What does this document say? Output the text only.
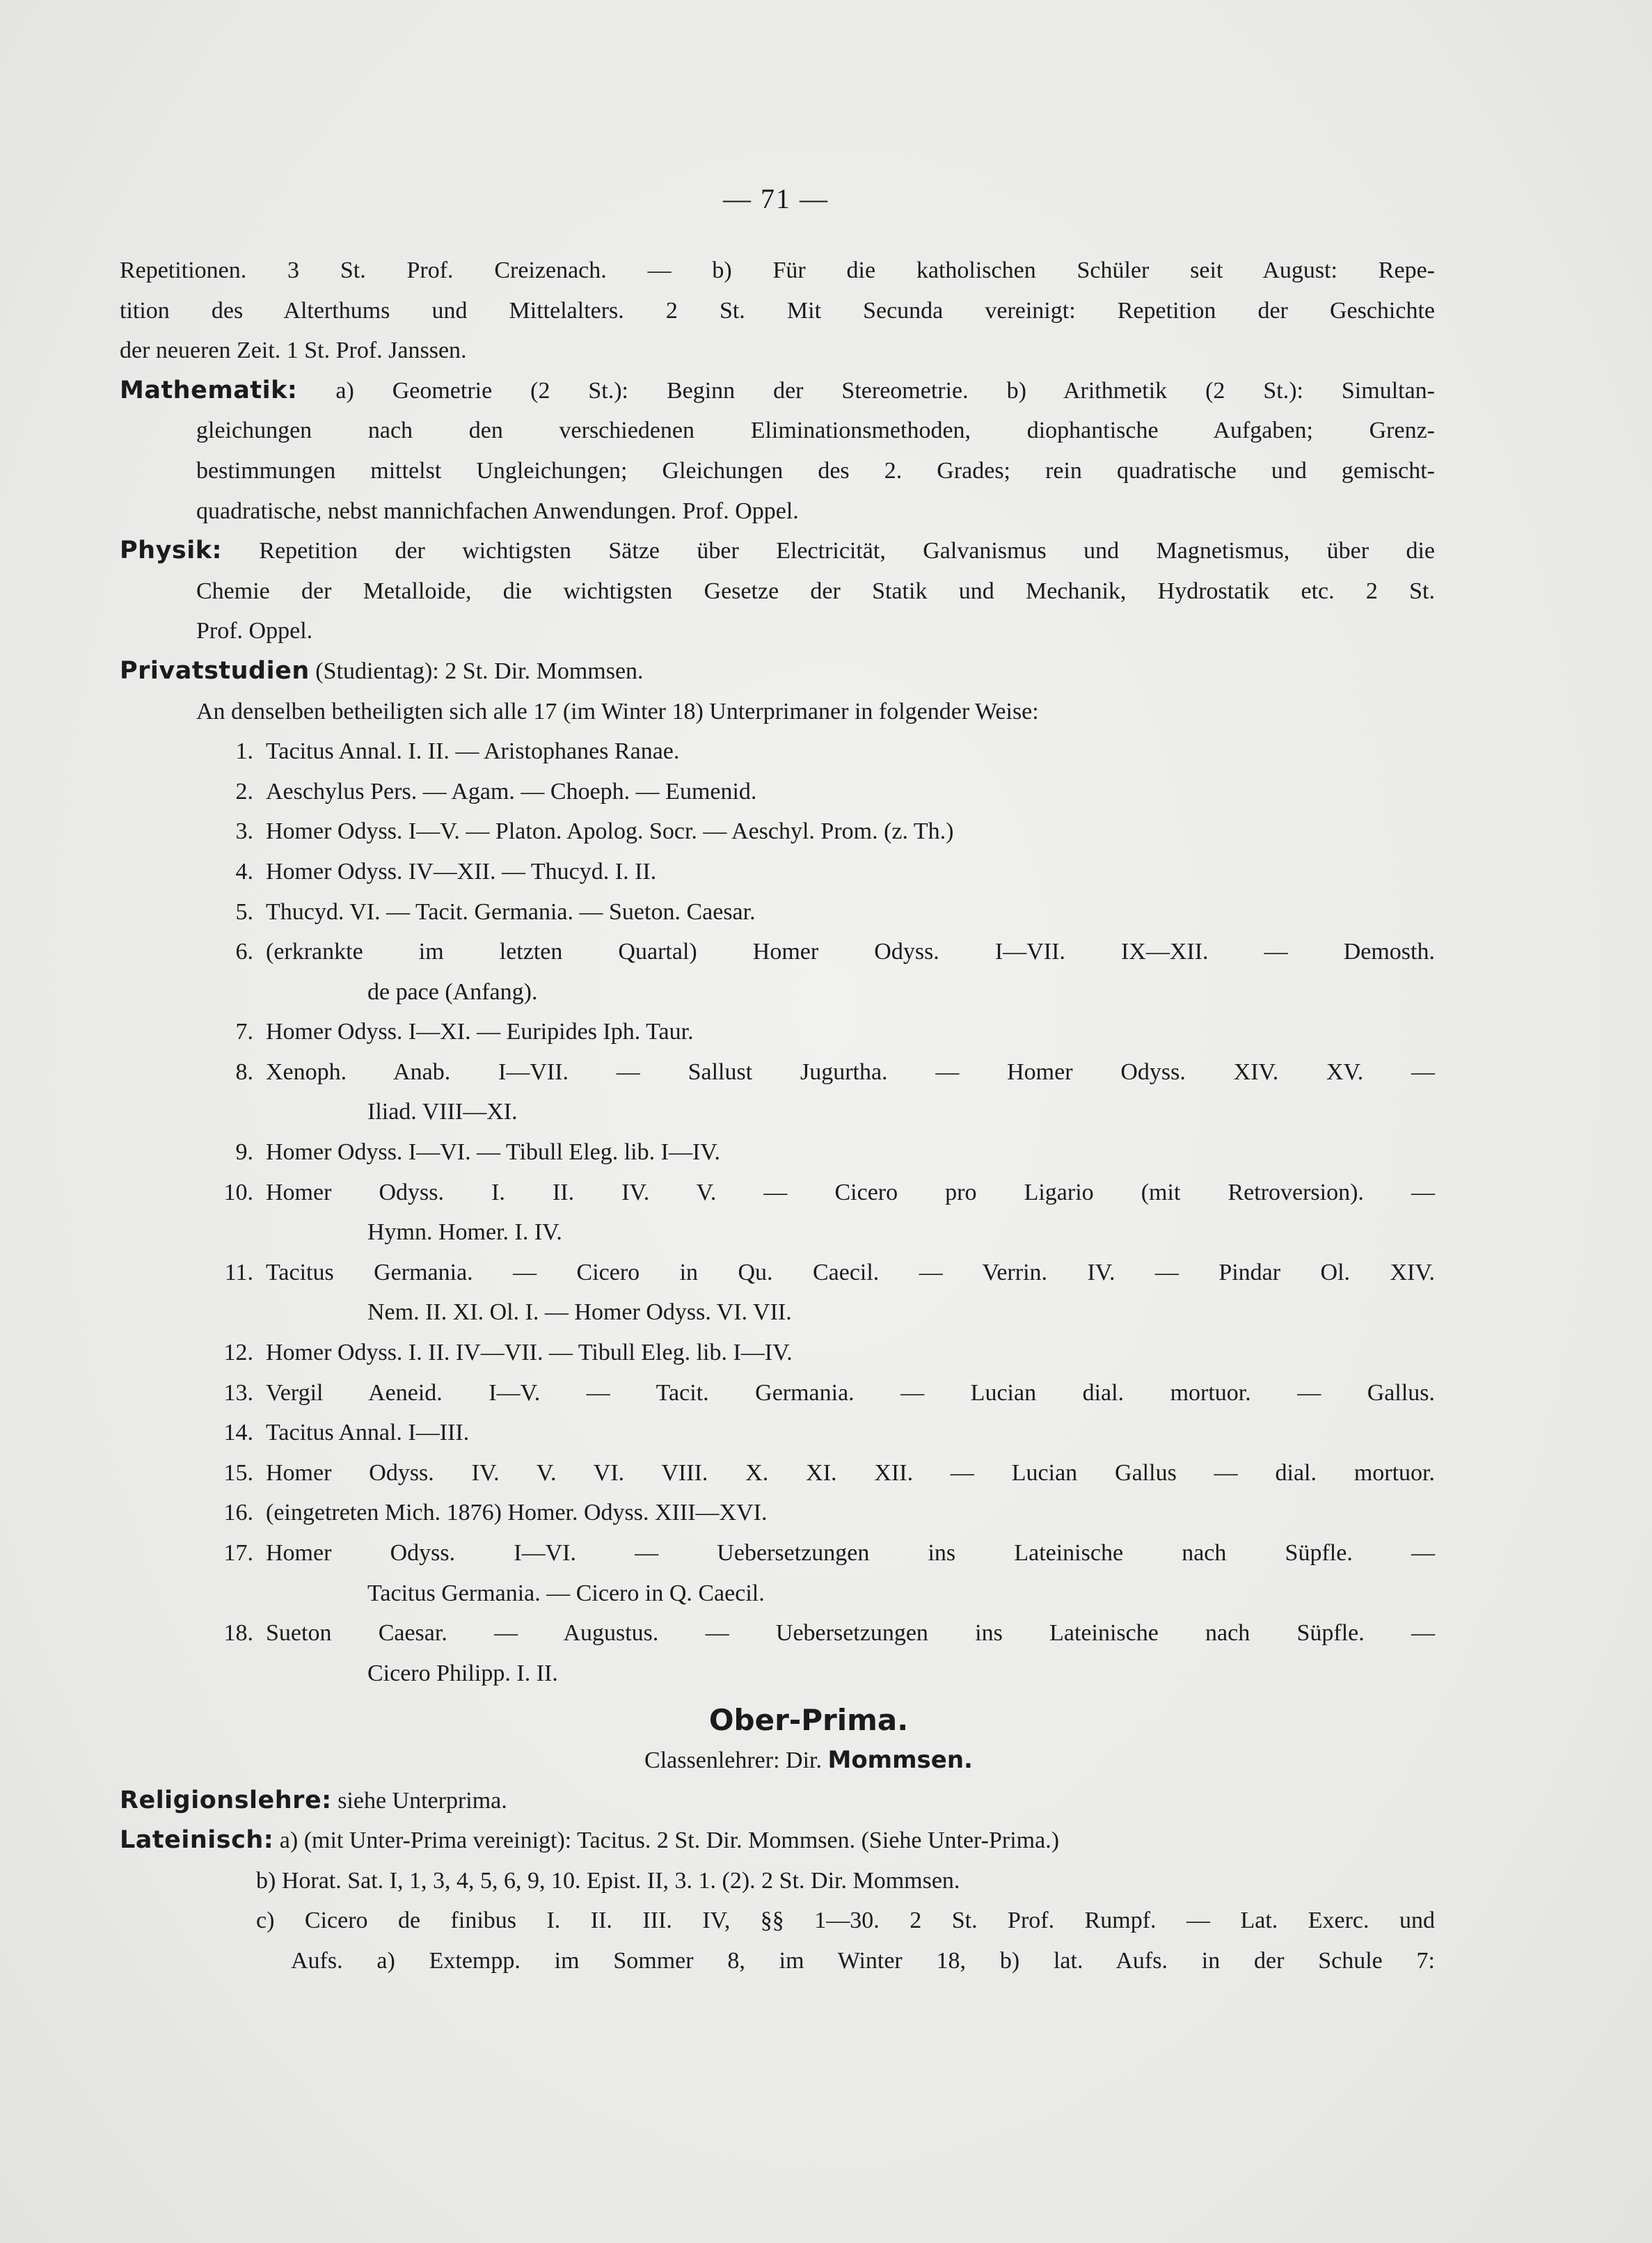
— 71 —
Repetitionen. 3 St. Prof. Creizenach. — b) Für die katholischen Schüler seit August: Repe-
tition des Alterthums und Mittelalters. 2 St. Mit Secunda vereinigt: Repetition der Geschichte
der neueren Zeit. 1 St. Prof. Janssen.
Mathematik: a) Geometrie (2 St.): Beginn der Stereometrie. b) Arithmetik (2 St.): Simultan-
gleichungen nach den verschiedenen Eliminationsmethoden, diophantische Aufgaben; Grenz-
bestimmungen mittelst Ungleichungen; Gleichungen des 2. Grades; rein quadratische und gemischt-
quadratische, nebst mannichfachen Anwendungen. Prof. Oppel.
Physik: Repetition der wichtigsten Sätze über Electricität, Galvanismus und Magnetismus, über die
Chemie der Metalloide, die wichtigsten Gesetze der Statik und Mechanik, Hydrostatik etc. 2 St.
Prof. Oppel.
Privatstudien (Studientag): 2 St. Dir. Mommsen.
An denselben betheiligten sich alle 17 (im Winter 18) Unterprimaner in folgender Weise:
1. Tacitus Annal. I. II. — Aristophanes Ranae.
2. Aeschylus Pers. — Agam. — Choeph. — Eumenid.
3. Homer Odyss. I—V. — Platon. Apolog. Socr. — Aeschyl. Prom. (z. Th.)
4. Homer Odyss. IV—XII. — Thucyd. I. II.
5. Thucyd. VI. — Tacit. Germania. — Sueton. Caesar.
6. (erkrankte im letzten Quartal) Homer Odyss. I—VII. IX—XII. — Demosth.
de pace (Anfang).
7. Homer Odyss. I—XI. — Euripides Iph. Taur.
8. Xenoph. Anab. I—VII. — Sallust Jugurtha. — Homer Odyss. XIV. XV. —
Iliad. VIII—XI.
9. Homer Odyss. I—VI. — Tibull Eleg. lib. I—IV.
10. Homer Odyss. I. II. IV. V. — Cicero pro Ligario (mit Retroversion). —
Hymn. Homer. I. IV.
11. Tacitus Germania. — Cicero in Qu. Caecil. — Verrin. IV. — Pindar Ol. XIV.
Nem. II. XI. Ol. I. — Homer Odyss. VI. VII.
12. Homer Odyss. I. II. IV—VII. — Tibull Eleg. lib. I—IV.
13. Vergil Aeneid. I—V. — Tacit. Germania. — Lucian dial. mortuor. — Gallus.
14. Tacitus Annal. I—III.
15. Homer Odyss. IV. V. VI. VIII. X. XI. XII. — Lucian Gallus — dial. mortuor.
16. (eingetreten Mich. 1876) Homer. Odyss. XIII—XVI.
17. Homer Odyss. I—VI. — Uebersetzungen ins Lateinische nach Süpfle. —
Tacitus Germania. — Cicero in Q. Caecil.
18. Sueton Caesar. — Augustus. — Uebersetzungen ins Lateinische nach Süpfle. —
Cicero Philipp. I. II.
Ober-Prima.
Classenlehrer: Dir. Mommsen.
Religionslehre: siehe Unterprima.
Lateinisch: a) (mit Unter-Prima vereinigt): Tacitus. 2 St. Dir. Mommsen. (Siehe Unter-Prima.)
b) Horat. Sat. I, 1, 3, 4, 5, 6, 9, 10. Epist. II, 3. 1. (2). 2 St. Dir. Mommsen.
c) Cicero de finibus I. II. III. IV, §§ 1—30. 2 St. Prof. Rumpf. — Lat. Exerc. und
Aufs. a) Extempp. im Sommer 8, im Winter 18, b) lat. Aufs. in der Schule 7:
